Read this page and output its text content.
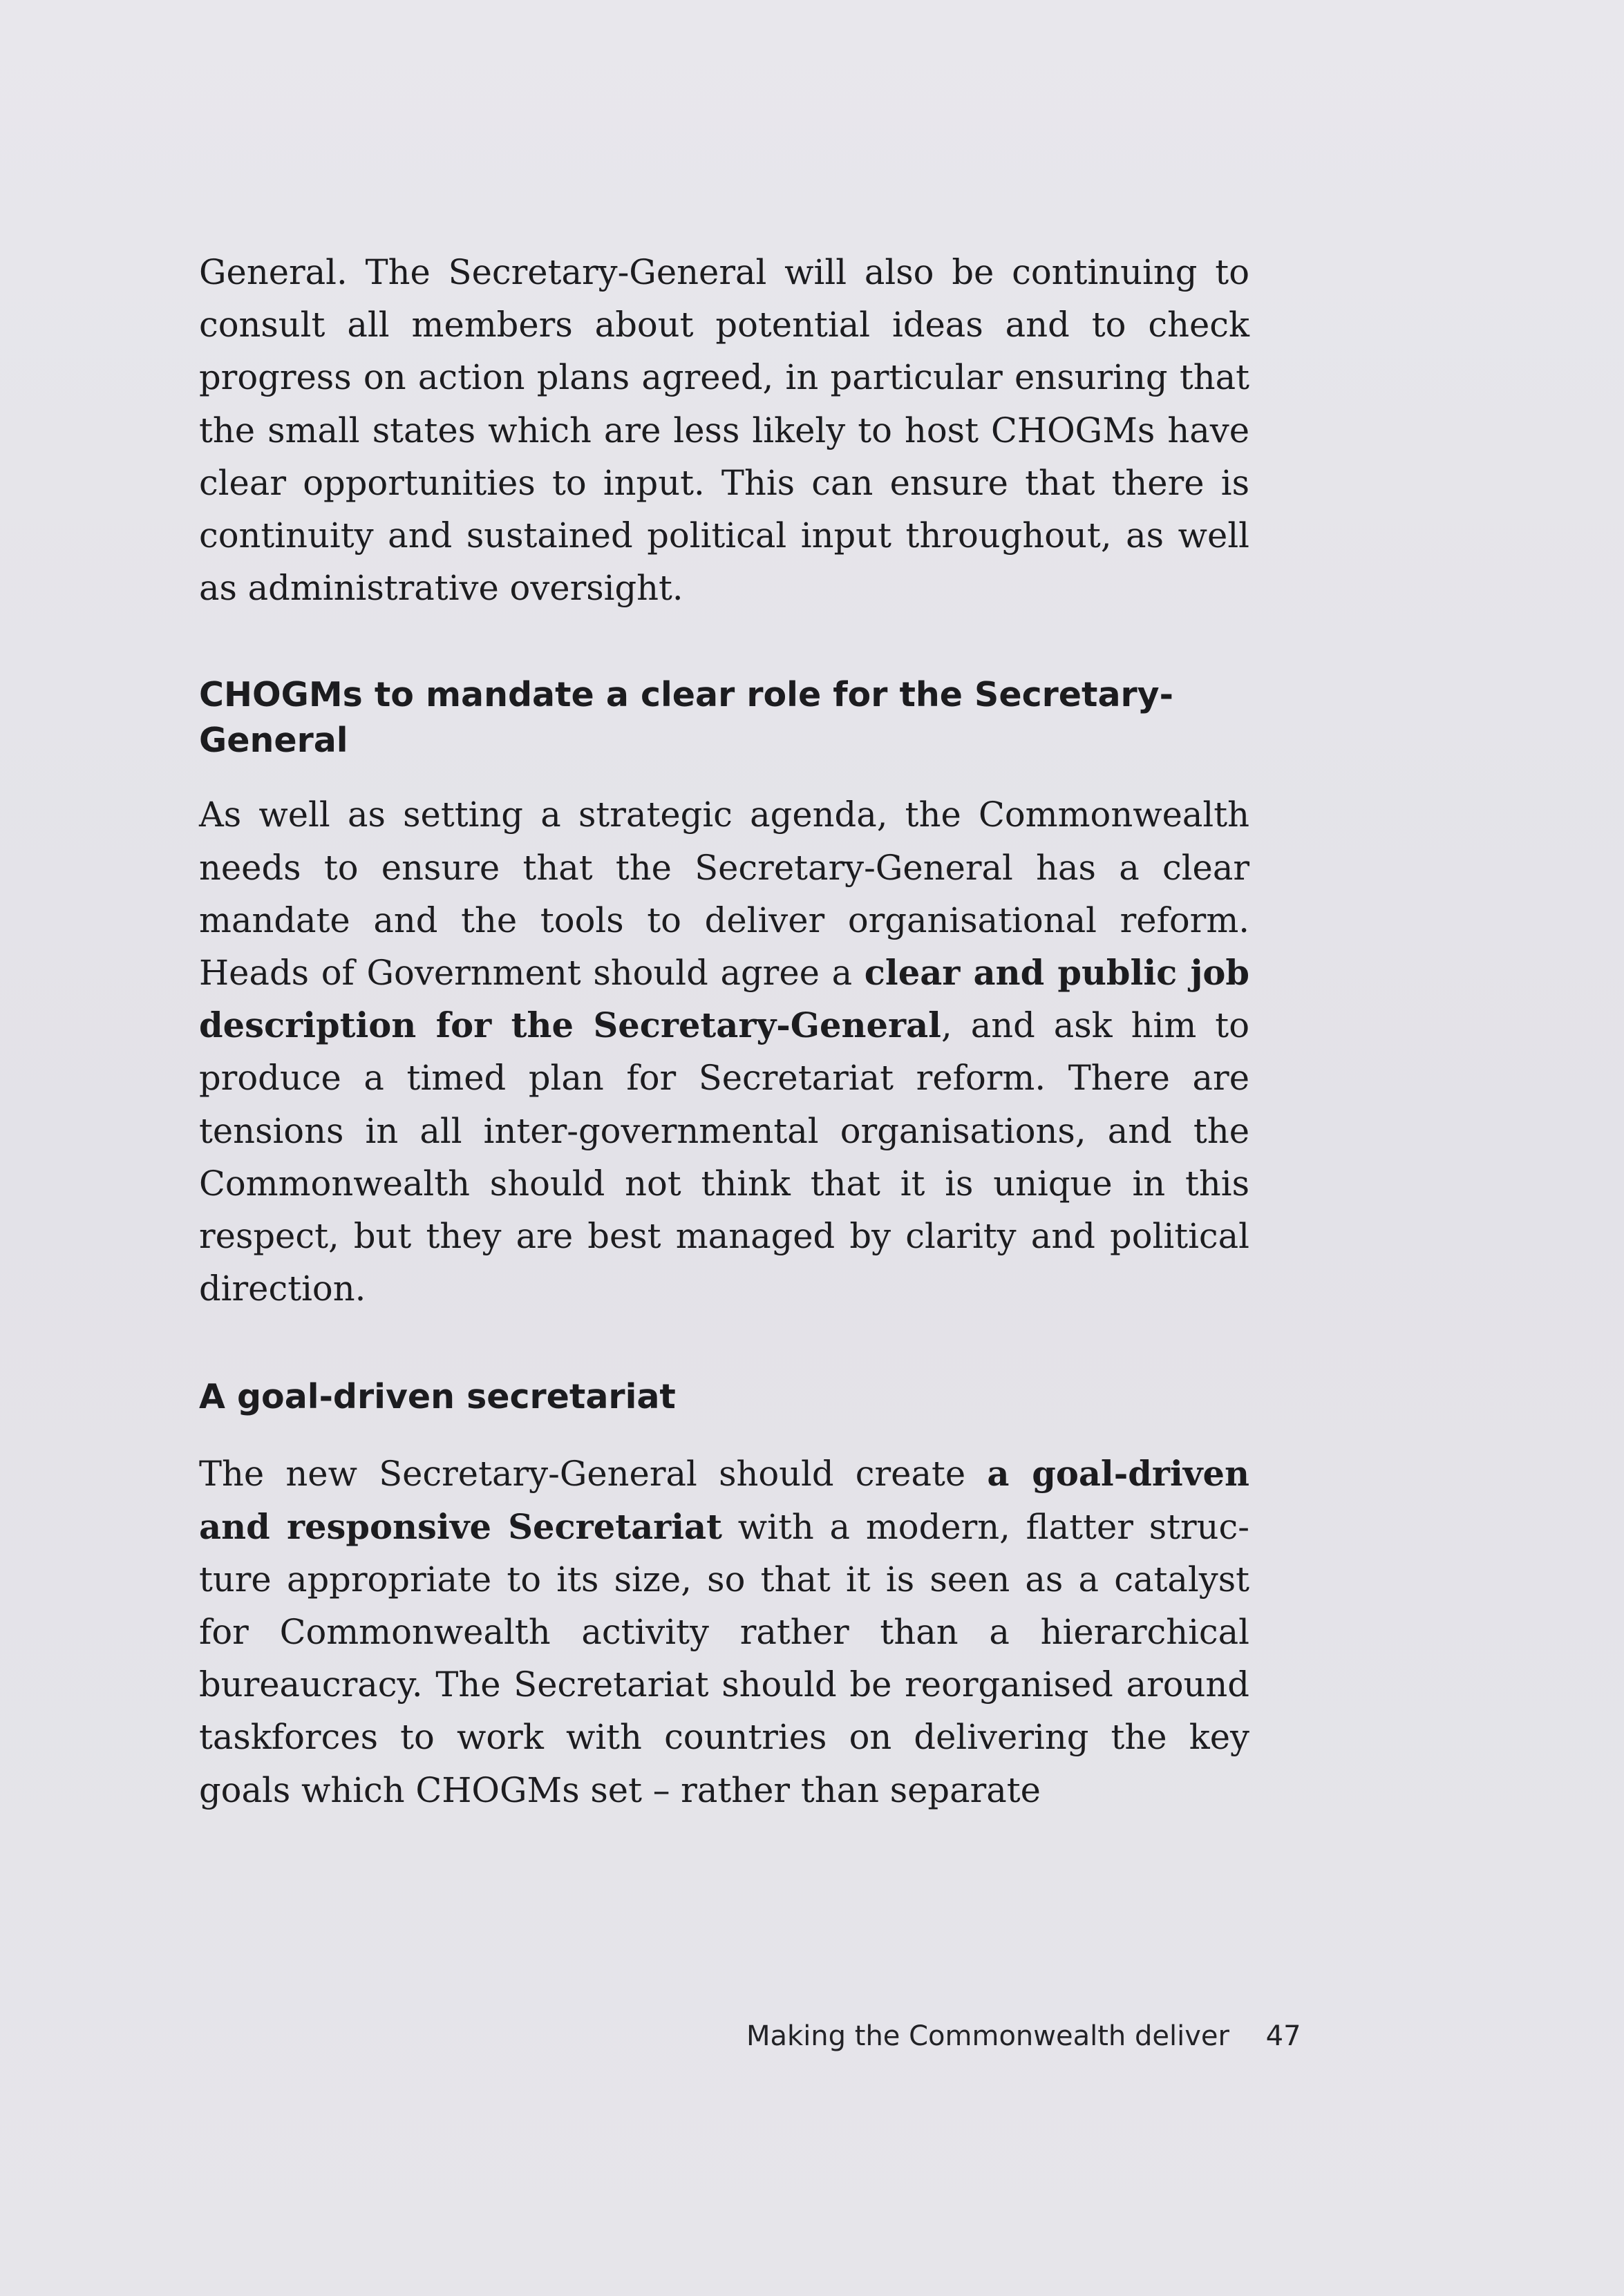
General. The Secretary-General will also be continuing to consult all members about potential ideas and to check progress on action plans agreed, in particular ensuring that the small states which are less likely to host CHOGMs have clear opportunities to input. This can ensure that there is continuity and sustained political input throughout, as well as administrative oversight.

CHOGMs to mandate a clear role for the Secretary-General

As well as setting a strategic agenda, the Commonwealth needs to ensure that the Secretary-General has a clear mandate and the tools to deliver organisational reform. Heads of Government should agree a clear and public job description for the Secretary-General, and ask him to produce a timed plan for Secretariat reform. There are tensions in all inter-governmental organisations, and the Commonwealth should not think that it is unique in this respect, but they are best managed by clarity and political direction.

A goal-driven secretariat

The new Secretary-General should create a goal-driven and responsive Secretariat with a modern, flatter structure appropriate to its size, so that it is seen as a catalyst for Commonwealth activity rather than a hierarchical bureaucracy. The Secretariat should be reorganised around taskforces to work with countries on delivering the key goals which CHOGMs set – rather than separate

Making the Commonwealth deliver 47
